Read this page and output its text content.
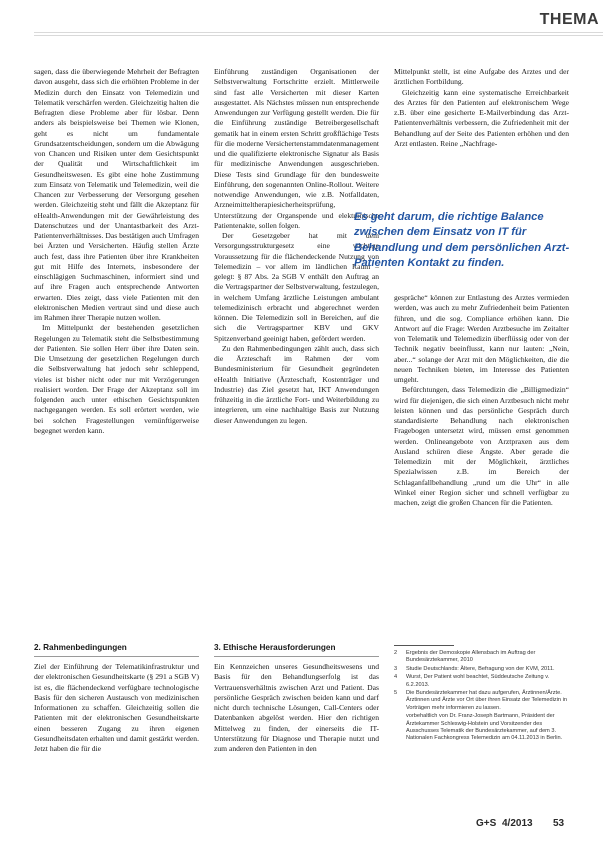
THEMA

sagen, dass die überwiegende Mehrheit der Befragten davon ausgeht, dass sich die erhöhten Probleme in der Medizin durch den Einsatz von Telemedizin und Telematik verschärfen werden. Gleichzeitig halten die Befragten diese Probleme aber für lösbar. Denn anders als beispielsweise bei Themen wie Klonen, geht es nicht um fundamentale Grundsatzentscheidungen, sondern um die Abwägung von Chancen und Risiken unter dem Gesichtspunkt der Qualität und Wirtschaftlichkeit im Gesundheitswesen. Es gibt eine hohe Zustimmung zum Einsatz von Telematik und Telemedizin, weil die Chancen zur Verbesserung der Versorgung gesehen werden. Gleichzeitig steht und fällt die Akzeptanz für eHealth-Anwendungen mit der Gewährleistung des Datenschutzes und der Unantastbarkeit des Arzt-Patientenverhältnisses. Das bestätigen auch Umfragen bei Ärzten und Versicherten. Häufig stellen Ärzte auch fest, dass ihre Patienten über ihre Krankheiten gut mit Hilfe des Internets, insbesondere der einschlägigen Suchmaschinen, informiert sind und auf ihre Fragen auch entsprechende Antworten erwarten. Dies zeigt, dass viele Patienten mit den elektronischen Medien vertraut sind und diese auch im Rahmen ihrer Therapie nutzen wollen.

Im Mittelpunkt der bestehenden gesetzlichen Regelungen zu Telematik steht die Selbstbestimmung der Patienten. Sie sollen Herr über ihre Daten sein. Die Umsetzung der gesetzlichen Regelungen durch die Selbstverwaltung hat jedoch sehr schleppend, vieles ist bisher nicht oder nur mit Verzögerungen realisiert worden. Der Frage der Akzeptanz soll im folgenden auch unter ethischen Gesichtspunkten nachgegangen werden. Es soll erörtert werden, wie bei solchen Fragestellungen vernünftigerweise begegnet werden kann.

Einführung zuständigen Organisationen der Selbstverwaltung Fortschritte erzielt. Mittlerweile sind fast alle Versicherten mit dieser Karten ausgestattet. Als Nächstes müssen nun entsprechende Anwendungen zur Verfügung gestellt werden. Die für die Einführung zuständige Betreibergesellschaft gematik hat in einem ersten Schritt großflächige Tests für die moderne Versichertenstammdatenmanagement und die qualifizierte elektronische Signatur als Basis für medizinische Anwendungen ausgeschrieben. Diese Tests sind Grundlage für den bundesweite Einführung, den sogenannten Online-Rollout. Weitere notwendige Anwendungen, wie z.B. Notfalldaten, Arzneimitteltherapiesicherheitsprüfung, Unterstützung der Organspende und elektronische Patientenakte, sollen folgen.

Der Gesetzgeber hat mit dem Versorgungsstrukturgesetz eine wichtige Voraussetzung für die flächendeckende Nutzung von Telemedizin – vor allem im ländlichen Raum – gelegt: § 87 Abs. 2a SGB V enthält den Auftrag an die Vertragspartner der Selbstverwaltung, festzulegen, in welchem Umfang ärztliche Leistungen ambulant telemedizinisch erbracht und abgerechnet werden können. Die Telemedizin soll in Bereichen, auf die sich die Vertragspartner KBV und GKV Spitzenverband geeinigt haben, gefördert werden.

Zu den Rahmenbedingungen zählt auch, dass sich die Ärzteschaft im Rahmen der vom Bundesministerium für Gesundheit gegründeten eHealth Initiative (Ärzteschaft, Kostenträger und Industrie) das Ziel gesetzt hat, IKT Anwendungen frühzeitig in die ärztliche Fort- und Weiterbildung zu integrieren, um eine nachhaltige Basis zur Nutzung dieser Anwendungen zu legen.

Mittelpunkt stellt, ist eine Aufgabe des Arztes und der ärztlichen Fortbildung.

Gleichzeitig kann eine systematische Erreichbarkeit des Arztes für den Patienten auf elektronischem Wege z.B. über eine gesicherte E-Mailverbindung das Arzt-Patientenverhältnis verbessern, die Zufriedenheit mit der Behandlung auf der Seite des Patienten erhöhen und den Arzt entlasten. Reine „Nachfrage-

Es geht darum, die richtige Balance zwischen dem Einsatz von IT für Behandlung und dem persönlichen Arzt-Patienten Kontakt zu finden.

gespräche“ können zur Entlastung des Arztes vermieden werden, was auch zu mehr Zufriedenheit beim Patienten führen, und die sog. Compliance erhöhen kann. Die Antwort auf die Frage: Werden Arztbesuche im Zeitalter von Telematik und Telemedizin überflüssig oder von der Technik negativ beeinflusst, kann nur lauten: „Nein, aber...“ solange der Arzt mit den Möglichkeiten, die die neuen Techniken bieten, im Interesse des Patienten umgeht.

Befürchtungen, dass Telemedizin die „Billigmedizin“ wird für diejenigen, die sich einen Arztbesuch nicht mehr leisten können und das persönliche Gespräch durch standardisierte Behandlung nach elektronischen Fragebogen untersetzt wird, müssen ernst genommen werden. Onlineangebote von Arztpraxen aus dem Ausland schüren diese Ängste. Aber gerade die Telemedizin mit der Möglichkeit, ärztliches Spezialwissen z.B. im Bereich der Schlaganfallbehandlung „rund um die Uhr“ in alle Winkel einer Region sicher und schnell verfügbar zu machen, zeigt die großen Chancen für die Patienten.

2. Rahmenbedingungen	3. Ethische Herausforderungen

Ziel der Einführung der Telematikinfrastruktur und der elektronischen Gesundheitskarte (§ 291 a SGB V) ist es, die flächendeckend verfügbare technologische Basis für den sicheren Austausch von medizinischen Informationen zu schaffen. Gleichzeitig sollen die Patienten mit der elektronischen Gesundheitskarte einen besseren Zugang zu ihren eigenen Gesundheitsdaten erhalten und damit gestärkt werden. Jetzt haben die für die

Ein Kennzeichen unseres Gesundheitswesens und Basis für den Behandlungserfolg ist das Vertrauensverhältnis zwischen Arzt und Patient. Das persönliche Gespräch zwischen beiden kann und darf nicht durch technische Lösungen, Call-Centers oder Datenbanken abgelöst werden. Hier den richtigen Mittelweg zu finden, der einerseits die IT-Unterstützung für Diagnose und Therapie nutzt und zum anderen den Patienten in den

2	Ergebnis der Demoskopie Allensbach im Auftrag der Bundesärztekammer, 2010
3	Studie Deutschlands: Ältere, Befragung von der KVM, 2011.
4	Wurst, Der Patient wohl beachtet, Süddeutsche Zeitung v. 6.2.2013.
5	Die Bundesärztekammer hat dazu aufgerufen, Ärztinnen/Ärzte. Ärztinnen und Ärzte vor Ort über ihren Einsatz der Telemedizin in Vorträgen mehr informieren zu lassen.
vorbehaltlich von Dr. Franz-Joseph Bartmann, Präsident der Ärztekammer Schleswig-Holstein und Vorsitzender des Ausschusses Telematik der Bundesärztekammer, auf dem 3. Nationalen Fachkongress Telemedizin am 04.11.2013 in Berlin.
G+S 4/2013 53
